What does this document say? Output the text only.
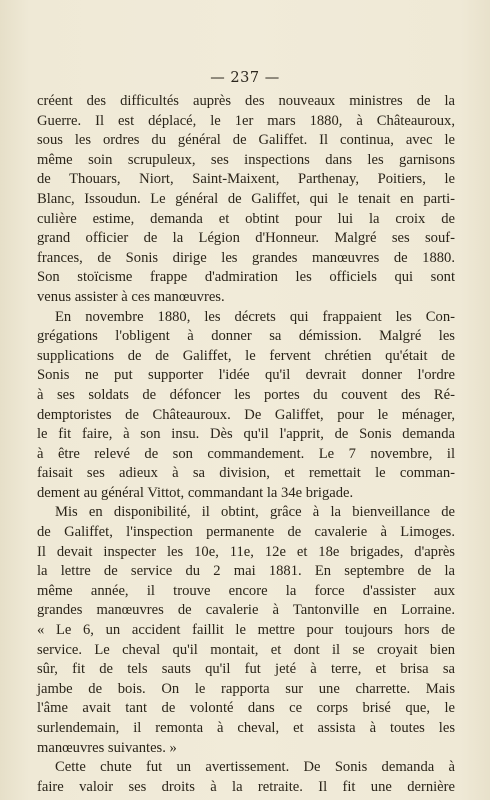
— 237 —
créent des difficultés auprès des nouveaux ministres de la
Guerre. Il est déplacé, le 1er mars 1880, à Châteauroux,
sous les ordres du général de Galiffet. Il continua, avec le
même soin scrupuleux, ses inspections dans les garnisons
de Thouars, Niort, Saint-Maixent, Parthenay, Poitiers, le
Blanc, Issoudun. Le général de Galiffet, qui le tenait en parti-
culière estime, demanda et obtint pour lui la croix de
grand officier de la Légion d'Honneur. Malgré ses souf-
frances, de Sonis dirige les grandes manœuvres de 1880.
Son stoïcisme frappe d'admiration les officiels qui sont
venus assister à ces manœuvres.
En novembre 1880, les décrets qui frappaient les Con-
grégations l'obligent à donner sa démission. Malgré les
supplications de de Galiffet, le fervent chrétien qu'était de
Sonis ne put supporter l'idée qu'il devrait donner l'ordre
à ses soldats de défoncer les portes du couvent des Ré-
demptoristes de Châteauroux. De Galiffet, pour le ménager,
le fit faire, à son insu. Dès qu'il l'apprit, de Sonis demanda
à être relevé de son commandement. Le 7 novembre, il
faisait ses adieux à sa division, et remettait le comman-
dement au général Vittot, commandant la 34e brigade.
Mis en disponibilité, il obtint, grâce à la bienveillance de
de Galiffet, l'inspection permanente de cavalerie à Limoges.
Il devait inspecter les 10e, 11e, 12e et 18e brigades, d'après
la lettre de service du 2 mai 1881. En septembre de la
même année, il trouve encore la force d'assister aux
grandes manœuvres de cavalerie à Tantonville en Lorraine.
« Le 6, un accident faillit le mettre pour toujours hors de
service. Le cheval qu'il montait, et dont il se croyait bien
sûr, fit de tels sauts qu'il fut jeté à terre, et brisa sa
jambe de bois. On le rapporta sur une charrette. Mais
l'âme avait tant de volonté dans ce corps brisé que, le
surlendemain, il remonta à cheval, et assista à toutes les
manœuvres suivantes. »
Cette chute fut un avertissement. De Sonis demanda à
faire valoir ses droits à la retraite. Il fit une dernière
